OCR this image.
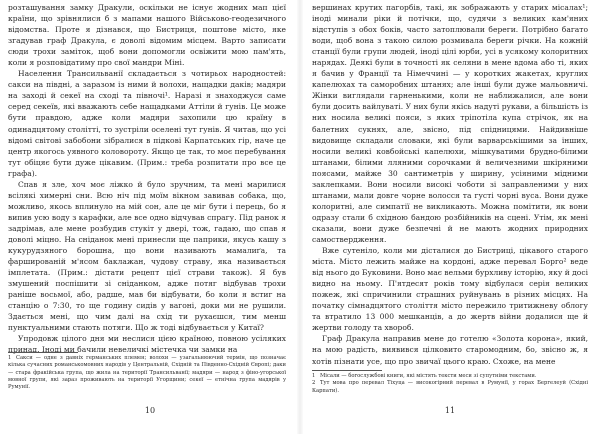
розташування замку Дракули, оскільки не існує жодних мап цієї країни, що зрівнялися б з мапами нашого Військово-геодезичного відомства. Проте я дізнався, що Бистриця, поштове місто, яке згадував граф Дракула, є доволі відомим місцем. Варто записати сюди трохи заміток, щоб вони допомогли освіжити мою пам'ять, коли я розповідатиму про свої мандри Міні.

Населення Трансильванії складається з чотирьох народностей: сакси на півдні, а заразом із ними й волохи, нащадки даків; мадяри на заході й секеї на сході та півночі¹. Наразі я знаходжуся саме серед секеїв, які вважають себе нащадками Аттіли й гунів. Це може бути правдою, адже коли мадяри захопили цю країну в одинадцятому столітті, то зустріли оселені тут гунів. Я читав, що усі відомі світові забобони зібралися в підкові Карпатських гір, наче це центр якогось уявного коловороту. Якщо це так, то моє перебування тут обіцяє бути дуже цікавим. (Прим.: треба розпитати про все це графа).

Спав я зле, хоч моє ліжко й було зручним, та мені марилися всілякі химерні сни. Всю ніч під моїм вікном завивав собака, що, можливо, якось вплинуло на мій сон, але це міг бути і перець, бо я випив усю воду з карафки, але все одно відчував спрагу. Під ранок я задрімав, але мене розбудив стукіт у двері, тож, гадаю, що спав я доволі міцно. На сніданок мені принесли ще паприки, якусь кашу з кукурудзяного борошна, що вони називають мамалиґа, та фаршированій м'ясом баклажан, чудову страву, яка називається імплетата. (Прим.: дістати рецепт цієї страви також). Я був змушений поспішити зі сніданком, адже потяг відбував трохи раніше восьмої, або, радше, мав би відбувати, бо коли я встиг на станцію о 7:30, то ще годину сидів у вагоні, доки ми не рушили. Здається мені, що чим далі на схід ти рухаєшся, тим менш пунктуальними стають потяги. Що ж тоді відбувається у Китаї?

Упродовж цілого дня ми неслися цією країною, повною усіляких принад. Іноді ми бачили невеличкі містечка чи замки на

1 Сакси — одне з давніх германських племен; волохи — узагальнюючий термін, що позначає кілька сучасних романськомовних народів у Центральній, Східній та Південно-Східній Європі; даки — стара фракійська група, що жила на території Трансильванії; мадяри — народ з фіно-угорської мовної групи, які зараз проживають на території Угорщини; секеї — етнічна група мадярів у Румунії.

10

вершинах крутих пагорбів, такі, як зображають у старих місалах¹; іноді минали ріки й потічки, що, судячи з великих кам'яних відступів з обох боків, часто затоплювали береги. Потрібно багато води, щоб вона з такою силою розмивала береги річки. На кожній станції були групи людей, іноді цілі юрби, усі в усякому колоритних нарядах. Деякі були в точності як селяни в мене вдома або ті, яких я бачив у Франції та Німеччині — у коротких жакетах, круглих капелюхах та саморобних штанях; але інші були дуже мальовничі. Жінки виглядали гарненькими, коли не наближалися, але вони були досить вайлуваті. У них були якісь надуті рукави, а більшість із них носила великі пояси, з яких тріпотіла купа стрічок, як на балетних сукнях, але, звісно, під спідницями. Найдивніше видовище складали словаки, які були варварськішими за інших, носили великі ковбойські капелюхи, мішкуватими брудно-білими штанами, білими лляними сорочками й величезними шкіряними поясами, майже 30 сантиметрів у ширину, усіяними мідними заклепками. Вони носили високі чоботи зі заправленими у них штанами, мали довге чорне волосся та густі чорні вуса. Вони дуже колоритні, але симпатії не викликають. Можна помітити, як вони одразу стали б східною бандою розбійників на сцені. Утім, як мені сказали, вони дуже безпечні й не мають жодних природних самоствердження.

Вже сутеніло, коли ми дісталися до Бистриці, цікавого старого міста. Місто лежить майже на кордоні, адже перевал Борго² веде від нього до Буковини. Воно має вельми бурхливу історію, яку й досі видно на ньому. П'ятдесят років тому відбулася серія великих пожеж, які спричинили страшних руйнувань в різних місцях. На початку сімнадцятого століття місто пережило тритижневу облогу та втратило 13 000 мешканців, а до жертв війни додалися ще й жертви голоду та хвороб.

Граф Дракула направив мене до готелю «Золота корона», який, на мою радість, виявився цілковито старомодним, бо, звісно ж, я хотів пізнати усе, що про звичаї цього краю. Схоже, на мене

1 Місали — богослужбові книги, які містять тексти меси зі супутніми текстами.

2 Тут мова про перевал Тіхуца — високогірний перевал в Румунії, у горах Бергелеуй (Східні Карпати).

11
